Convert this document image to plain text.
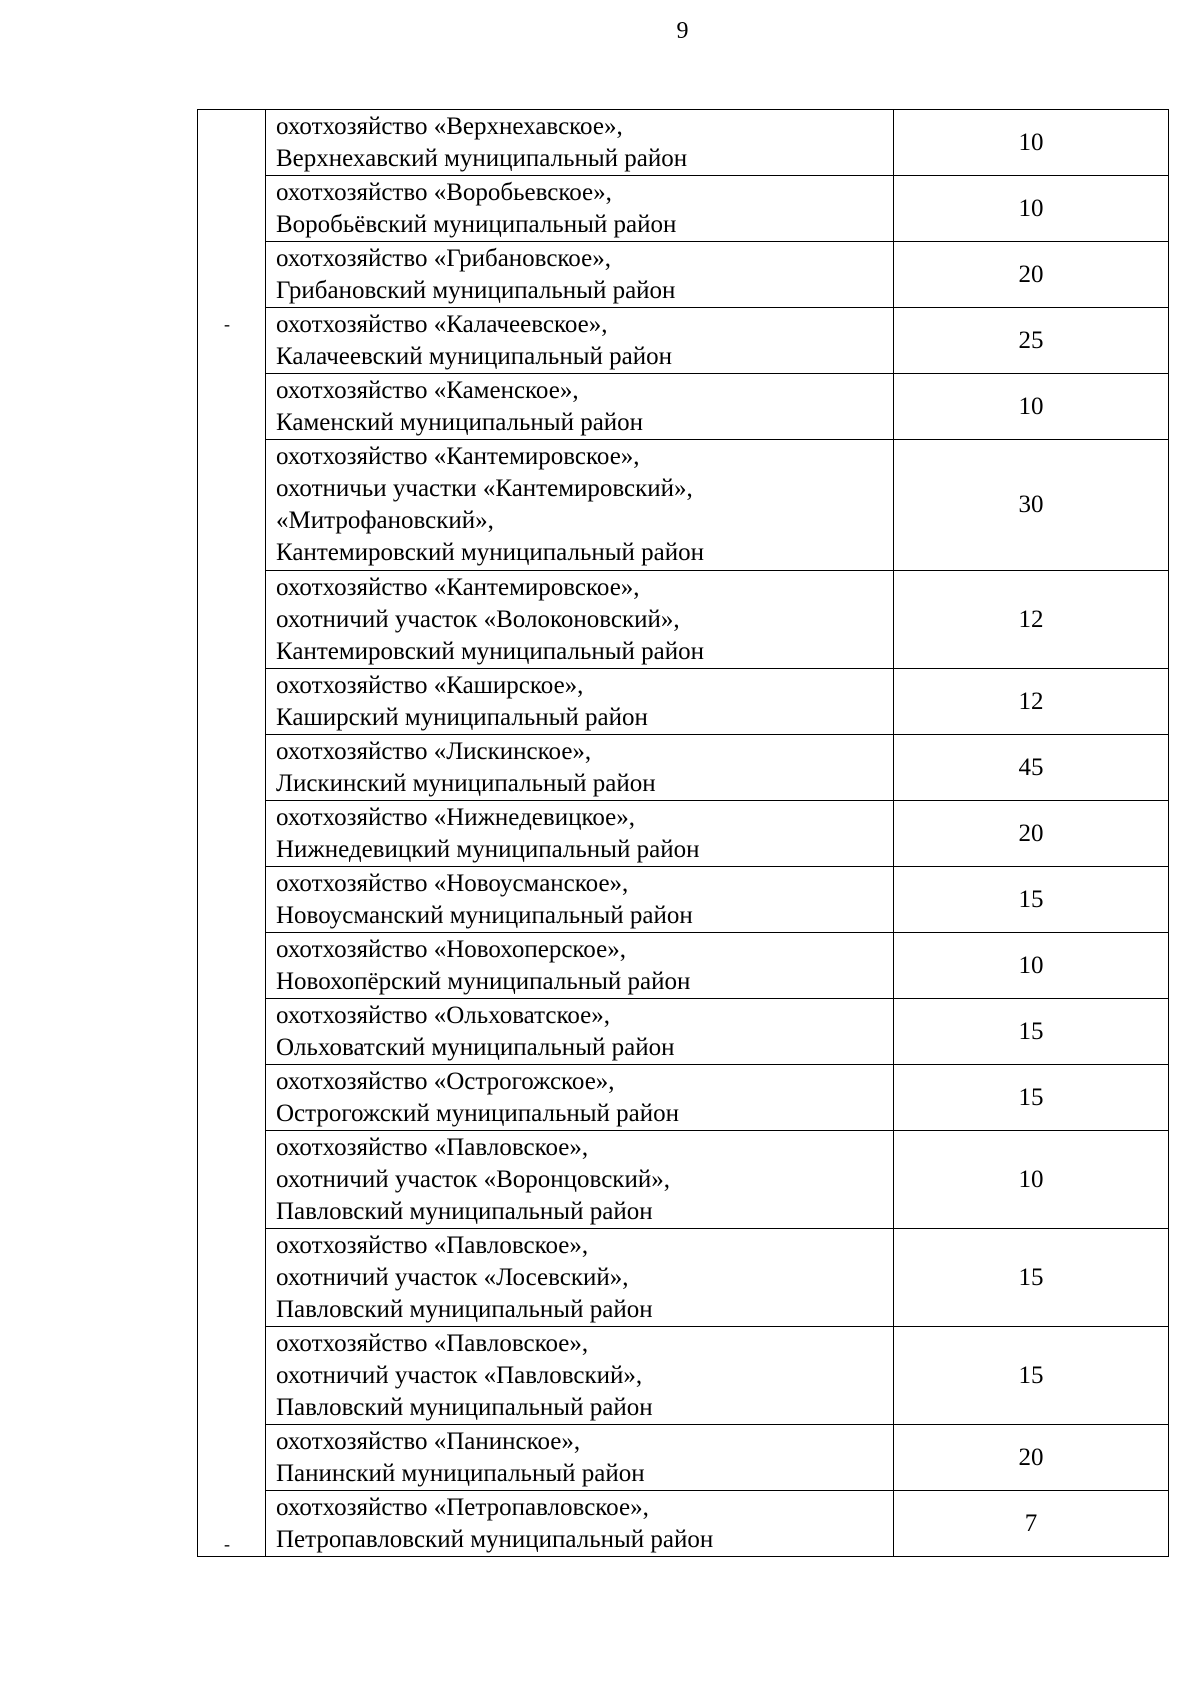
9
-
-	охотхозяйство «Верхнехавское»,
Верхнехавский муниципальный район	10

	охотхозяйство «Воробьевское»,
Воробьёвский муниципальный район	10

	охотхозяйство «Грибановское»,
Грибановский муниципальный район	20

	охотхозяйство «Калачеевское»,
Калачеевский муниципальный район	25

	охотхозяйство «Каменское»,
Каменский муниципальный район	10

	охотхозяйство «Кантемировское»,
охотничьи участки «Кантемировский»,
«Митрофановский»,
Кантемировский муниципальный район	30

	охотхозяйство «Кантемировское»,
охотничий участок «Волоконовский»,
Кантемировский муниципальный район	12

	охотхозяйство «Каширское»,
Каширский муниципальный район	12

	охотхозяйство «Лискинское»,
Лискинский муниципальный район	45

	охотхозяйство «Нижнедевицкое»,
Нижнедевицкий муниципальный район	20

	охотхозяйство «Новоусманское»,
Новоусманский муниципальный район	15

	охотхозяйство «Новохоперское»,
Новохопёрский муниципальный район	10

	охотхозяйство «Ольховатское»,
Ольховатский муниципальный район	15

	охотхозяйство «Острогожское»,
Острогожский муниципальный район	15

	охотхозяйство «Павловское»,
охотничий участок «Воронцовский»,
Павловский муниципальный район	10

	охотхозяйство «Павловское»,
охотничий участок «Лосевский»,
Павловский муниципальный район	15

	охотхозяйство «Павловское»,
охотничий участок «Павловский»,
Павловский муниципальный район	15

	охотхозяйство «Панинское»,
Панинский муниципальный район	20

	охотхозяйство «Петропавловское»,
Петропавловский муниципальный район	7
